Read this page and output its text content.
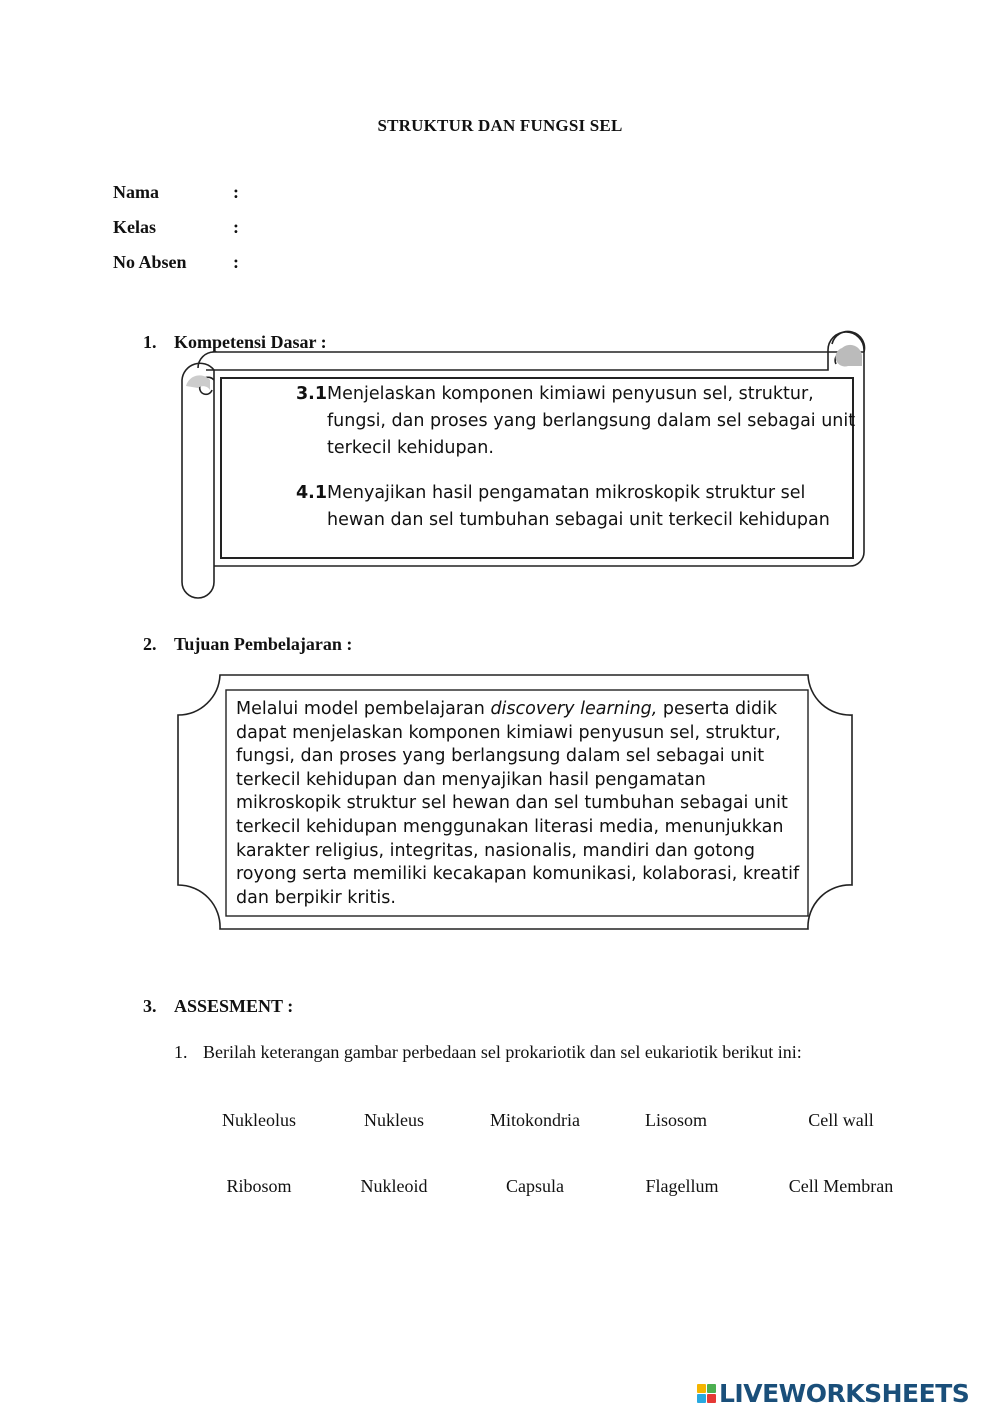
STRUKTUR DAN FUNGSI SEL
Nama	:
Kelas	:
No Absen	:
1. Kompetensi Dasar :
3.1 Menjelaskan komponen kimiawi penyusun sel, struktur, fungsi, dan proses yang berlangsung dalam sel sebagai unit terkecil kehidupan.
4.1 Menyajikan hasil pengamatan mikroskopik struktur sel hewan dan sel tumbuhan sebagai unit terkecil kehidupan
2. Tujuan Pembelajaran :
Melalui model pembelajaran discovery learning, peserta didik dapat menjelaskan komponen kimiawi penyusun sel, struktur, fungsi, dan proses yang berlangsung dalam sel sebagai unit terkecil kehidupan dan menyajikan hasil pengamatan mikroskopik struktur sel hewan dan sel tumbuhan sebagai unit terkecil kehidupan menggunakan literasi media, menunjukkan karakter religius, integritas, nasionalis, mandiri dan gotong royong serta memiliki kecakapan komunikasi, kolaborasi, kreatif dan berpikir kritis.
3. ASSESMENT :
1. Berilah keterangan gambar perbedaan sel prokariotik dan sel eukariotik berikut ini:
Nukleolus	Nukleus	Mitokondria	Lisosom	Cell wall
Ribosom	Nukleoid	Capsula	Flagellum	Cell Membran
LIVEWORKSHEETS
